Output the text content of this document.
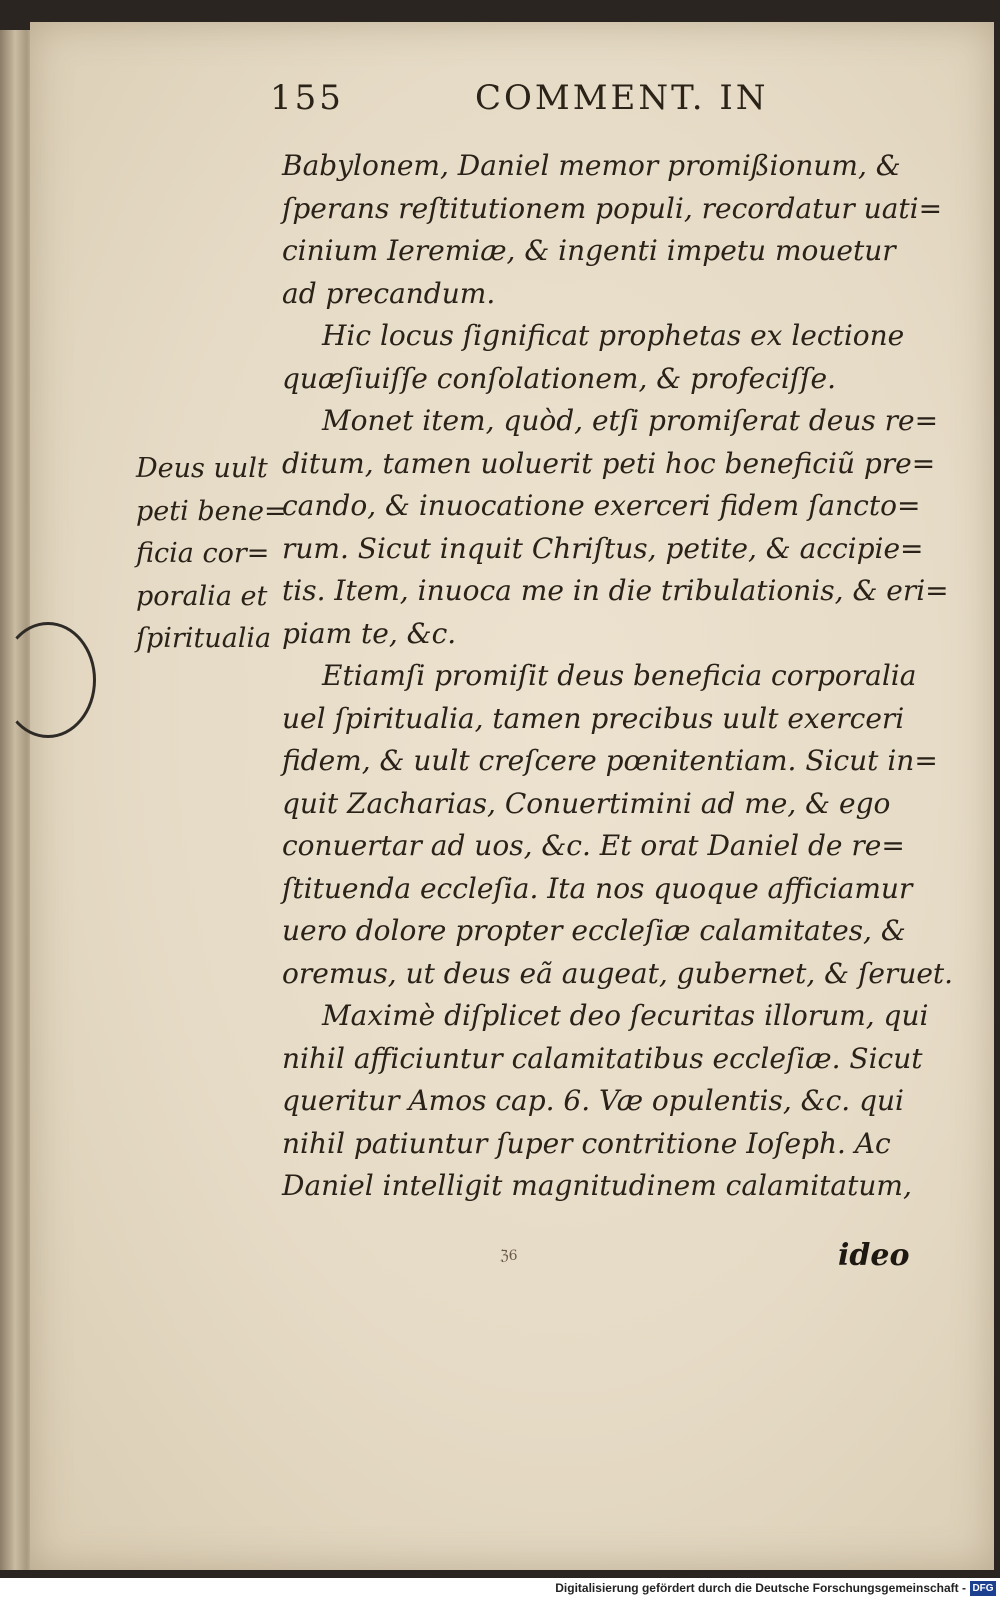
155	COMMENT. IN
Babylonem, Daniel memor promißionum, &
ſperans reſtitutionem populi, recordatur uati=
cinium Ieremiæ, & ingenti impetu mouetur
ad precandum.
Hic locus ſignificat prophetas ex lectione
quæſiuiſſe conſolationem, & profeciſſe.
Monet item, quòd, etſi promiſerat deus re=
ditum, tamen uoluerit peti hoc beneficiũ pre=
cando, & inuocatione exerceri fidem ſancto=
rum. Sicut inquit Chriſtus, petite, & accipie=
tis. Item, inuoca me in die tribulationis, & eri=
piam te, &c.
Etiamſi promiſit deus beneficia corporalia
uel ſpiritualia, tamen precibus uult exerceri
fidem, & uult creſcere pœnitentiam. Sicut in=
quit Zacharias, Conuertimini ad me, & ego
conuertar ad uos, &c. Et orat Daniel de re=
ſtituenda eccleſia. Ita nos quoque afficiamur
uero dolore propter eccleſiæ calamitates, &
oremus, ut deus eã augeat, gubernet, & ſeruet.
Maximè diſplicet deo ſecuritas illorum, qui
nihil afficiuntur calamitatibus eccleſiæ. Sicut
queritur Amos cap. 6. Væ opulentis, &c. qui
nihil patiuntur ſuper contritione Ioſeph. Ac
Daniel intelligit magnitudinem calamitatum,
Deus uult
peti bene=
ficia cor=
poralia et
ſpiritualia
ℨ6	ideo
Digitalisierung gefördert durch die Deutsche Forschungsgemeinschaft - DFG
